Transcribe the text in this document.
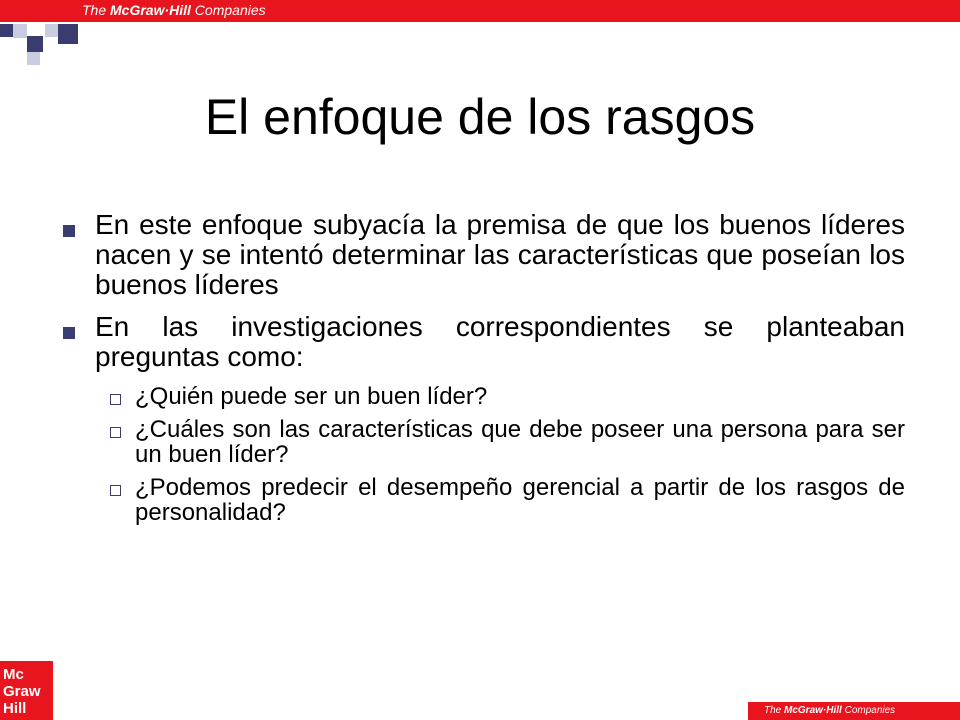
The McGraw·Hill Companies
El enfoque de los rasgos
En este enfoque subyacía la premisa de que los buenos líderes nacen y se intentó determinar las características que poseían los buenos líderes
En las investigaciones correspondientes se planteaban preguntas como:
¿Quién puede ser un buen líder?
¿Cuáles son las características que debe poseer una persona para ser un buen líder?
¿Podemos predecir el desempeño gerencial a partir de los rasgos de personalidad?
Mc
Graw
Hill	The McGraw·Hill Companies
